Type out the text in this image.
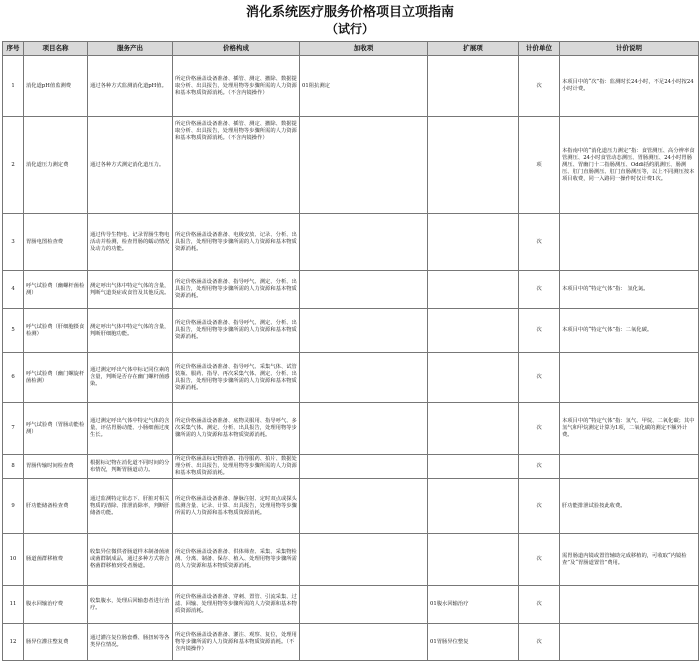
消化系统医疗服务价格项目立项指南
（试行）
序号	项目名称	服务产出	价格构成	加收项	扩展项	计价单位	计价说明
1	消化道pH值监测费	通过各种方式监测消化道pH值。	所定价格涵盖设备准备、插管、测定、撤除、数据提取分析、出具报告，处理用物等步骤所需的人力资源和基本物质资源消耗。（不含内镜操作）	01阻抗测定		次	本项目中的“次”指：监测时长24小时，不足24小时按24小时计费。
2	消化道压力测定费	通过各种方式测定消化道压力。	所定价格涵盖设备准备、插管、测定、撤除、数据提取分析、出具报告，处理用物等步骤所需的人力资源和基本物质资源消耗。（不含内镜操作）			项	本指南中的“消化道压力测定”指：食管测压、高分辨率食管测压、24小时食管动态测压、胃肠测压、24小时胃肠测压、胃幽门十二指肠测压、Oddi括约肌测压、肠测压、肛门直肠测压、肛门直肠测压等，以上不同测压按本项目收费，同一入路同一操作时仅计费1次。
3	胃肠电图检查费	通过传导生物电、记录胃肠生物电活动并检测，检查胃肠的蠕动情况及动力的功能。	所定价格涵盖设备准备、电极安放、记录、分析、出具报告，处理用物等步骤所需的人力资源和基本物质资源消耗。			次	
4	呼气试验费（幽螺杆菌检测）	测定呼出气体中特定气体的含量，判断气道炎症或食管及其他反流。	所定价格涵盖设备准备、指导呼气、测定、分析、出具报告，处理用物等步骤所需的人力资源和基本物质资源消耗。			次	本项目中的“特定气体”指： 氢化氮。
5	呼气试验费（肝细胞摄食检测）	测定呼出气体中特定气体的含量，判断肝细胞功能。	所定价格涵盖设备准备、指导呼气、测定、分析、出具报告，处理用物等步骤所需的人力资源和基本物质资源消耗。			次	本项目中的“特定气体”指：二氧化碳。
6	呼气试验费（幽门螺旋杆菌检测）	通过测定呼出气体中标记同位素的含量，判断是否存在幽门螺杆菌感染。	所定价格涵盖设备准备、指导呼气、采集气体、试管装瓶、服药、指导、再次采集气体、测定、分析、出具报告，处理用物等步骤所需的人力资源和基本物质资源消耗。			次	
7	呼气试验费（胃肠动能检测）	通过测定呼出气体中特定气体的含量，评估胃肠动能、小肠细菌过度生长。	所定价格涵盖设备准备、底物灵服用、指导呼气、多次采集气体、测定、分析、出具报告，处理用物等步骤所需的人力资源和基本物质资源消耗。			次	本项目中的“特定气体”指：氢气、甲烷、二氧化碳；其中氢气和甲烷测定计算为1项，二氧化碳的测定不额外计费。
8	胃肠传输时间检查费	根据标记物在消化道不同时间的分布情况，判断胃肠道动力。	所定价格涵盖标记物准备、指导服药、拍片、数据处理分析、出具报告，处理用物等步骤所需的人力资源和基本物质资源消耗。			次	
9	肝功能储备检查费	通过监测特定状态下、肝脏对相关物质的清除、排泄消除率，判断肝储备功能。	所定价格涵盖设备准备、静脉注射、定时双点或探头监测含量、记录、计算、出具报告，处理用物等步骤所需的人力资源和基本物质资源消耗。			次	肝功能排泄试验按此收费。
10	肠道菌群移植费	收集异位微供者肠道样本制备菌液或菌群制成品，通过多种方式将合格菌群移植到受者肠道。	所定价格涵盖设备准备、供体筛查、采集、采集物检测、分离、制备、保存、植入、处理用物等步骤所需的人力资源和基本物质资源消耗。			次	需胃肠道内镜或置管辅助完成移植的，可收取“内镜检查”及“胃肠道置管”费用。
11	腹水回输治疗费	收集腹水，处理后回输患者进行治疗。	所定价格涵盖设备准备、穿刺、置管、引流采集、过滤、回输、处理用物等步骤所需的人力资源和基本物质资源消耗。		01腹水回输治疗	次	
12	肠异位灌注整复费	通过灌注复位肠套叠、肠扭转等各类异位情况。	所定价格涵盖设备准备、灌注、观察、复位，处理用物等步骤所需的人力资源和基本物质资源消耗。（不含内镜操作）		01胃肠异位整复	次	
